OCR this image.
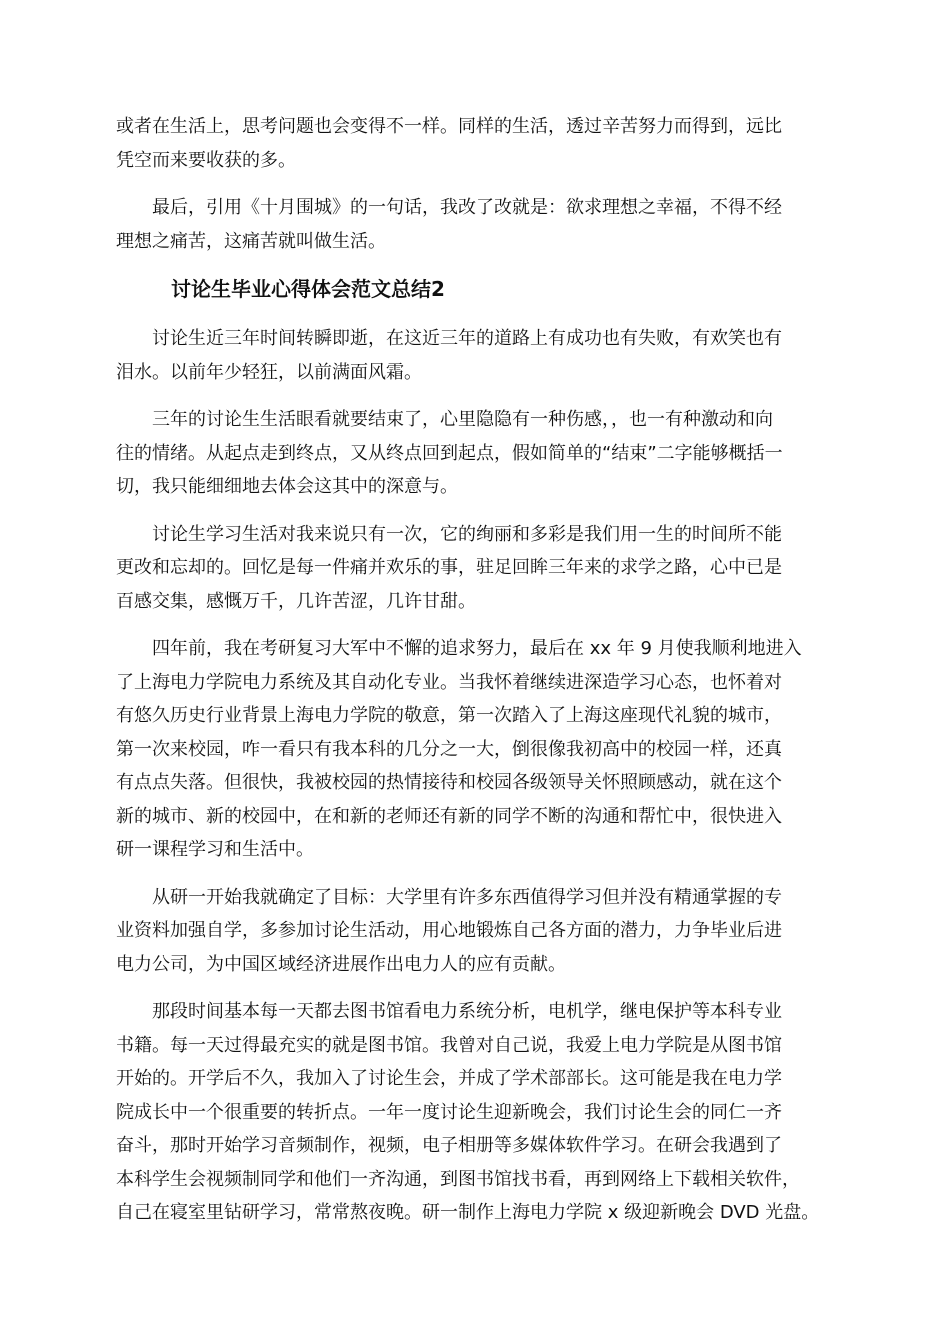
或者在生活上，思考问题也会变得不一样。同样的生活，透过辛苦努力而得到，远比
凭空而来要收获的多。

最后，引用《十月围城》的一句话，我改了改就是：欲求理想之幸福，不得不经
理想之痛苦，这痛苦就叫做生活。

讨论生毕业心得体会范文总结2

讨论生近三年时间转瞬即逝，在这近三年的道路上有成功也有失败，有欢笑也有
泪水。以前年少轻狂，以前满面风霜。

三年的讨论生生活眼看就要结束了，心里隐隐有一种伤感，，也一有种激动和向
往的情绪。从起点走到终点，又从终点回到起点，假如简单的“结束”二字能够概括一
切，我只能细细地去体会这其中的深意与。

讨论生学习生活对我来说只有一次，它的绚丽和多彩是我们用一生的时间所不能
更改和忘却的。回忆是每一件痛并欢乐的事，驻足回眸三年来的求学之路，心中已是
百感交集，感慨万千，几许苦涩，几许甘甜。

四年前，我在考研复习大军中不懈的追求努力，最后在 xx 年 9 月使我顺利地进入
了上海电力学院电力系统及其自动化专业。当我怀着继续进深造学习心态，也怀着对
有悠久历史行业背景上海电力学院的敬意，第一次踏入了上海这座现代礼貌的城市，
第一次来校园，咋一看只有我本科的几分之一大，倒很像我初高中的校园一样，还真
有点点失落。但很快，我被校园的热情接待和校园各级领导关怀照顾感动，就在这个
新的城市、新的校园中，在和新的老师还有新的同学不断的沟通和帮忙中，很快进入
研一课程学习和生活中。

从研一开始我就确定了目标：大学里有许多东西值得学习但并没有精通掌握的专
业资料加强自学，多参加讨论生活动，用心地锻炼自己各方面的潜力，力争毕业后进
电力公司，为中国区域经济进展作出电力人的应有贡献。

那段时间基本每一天都去图书馆看电力系统分析，电机学，继电保护等本科专业
书籍。每一天过得最充实的就是图书馆。我曾对自己说，我爱上电力学院是从图书馆
开始的。开学后不久，我加入了讨论生会，并成了学术部部长。这可能是我在电力学
院成长中一个很重要的转折点。一年一度讨论生迎新晚会，我们讨论生会的同仁一齐
奋斗，那时开始学习音频制作，视频，电子相册等多媒体软件学习。在研会我遇到了
本科学生会视频制同学和他们一齐沟通，到图书馆找书看，再到网络上下载相关软件，
自己在寝室里钻研学习，常常熬夜晚。研一制作上海电力学院 x 级迎新晚会 DVD 光盘。
